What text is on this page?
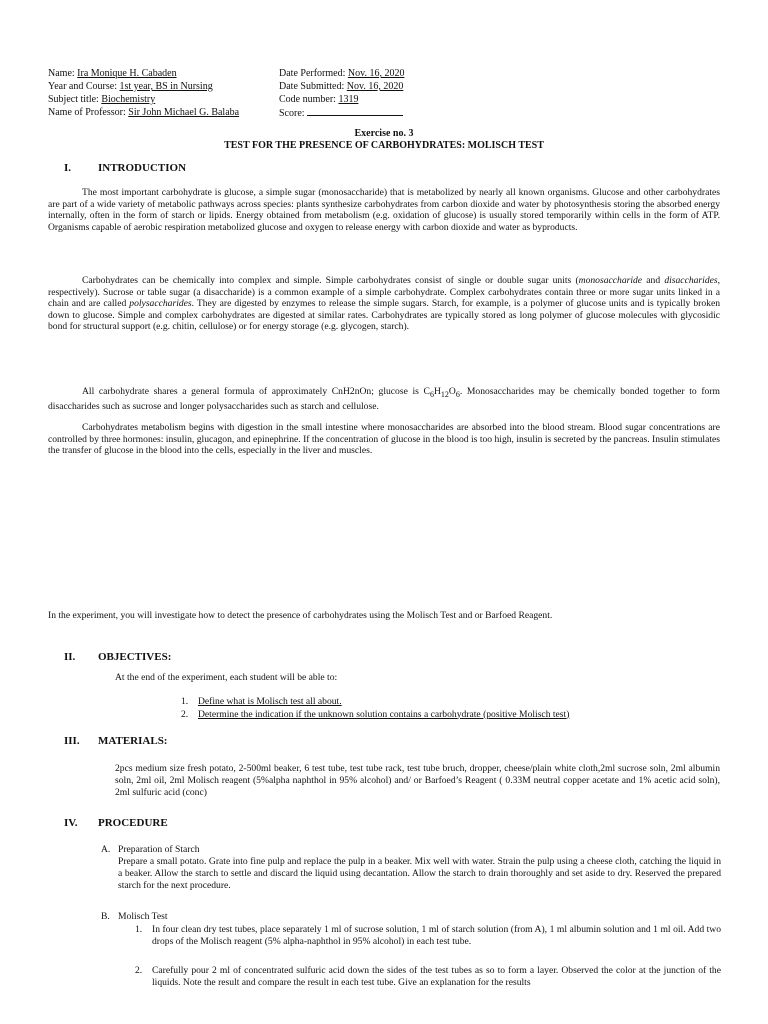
Name: Ira Monique H. Cabaden
Year and Course: 1st year, BS in Nursing
Subject title: Biochemistry
Name of Professor: Sir John Michael G. Balaba
Date Performed: Nov. 16, 2020
Date Submitted: Nov. 16, 2020
Code number: 1319
Score:
Exercise no. 3
TEST FOR THE PRESENCE OF CARBOHYDRATES: MOLISCH TEST
I. INTRODUCTION
The most important carbohydrate is glucose, a simple sugar (monosaccharide) that is metabolized by nearly all known organisms. Glucose and other carbohydrates are part of a wide variety of metabolic pathways across species: plants synthesize carbohydrates from carbon dioxide and water by photosynthesis storing the absorbed energy internally, often in the form of starch or lipids. Energy obtained from metabolism (e.g. oxidation of glucose) is usually stored temporarily within cells in the form of ATP. Organisms capable of aerobic respiration metabolized glucose and oxygen to release energy with carbon dioxide and water as byproducts.
Carbohydrates can be chemically into complex and simple. Simple carbohydrates consist of single or double sugar units (monosaccharide and disaccharides, respectively). Sucrose or table sugar (a disaccharide) is a common example of a simple carbohydrate. Complex carbohydrates contain three or more sugar units linked in a chain and are called polysaccharides. They are digested by enzymes to release the simple sugars. Starch, for example, is a polymer of glucose units and is typically broken down to glucose. Simple and complex carbohydrates are digested at similar rates. Carbohydrates are typically stored as long polymer of glucose molecules with glycosidic bond for structural support (e.g. chitin, cellulose) or for energy storage (e.g. glycogen, starch).
All carbohydrate shares a general formula of approximately CnH2nOn; glucose is $C_6H_{12}O_6$. Monosaccharides may be chemically bonded together to form disaccharides such as sucrose and longer polysaccharides such as starch and cellulose.
Carbohydrates metabolism begins with digestion in the small intestine where monosaccharides are absorbed into the blood stream. Blood sugar concentrations are controlled by three hormones: insulin, glucagon, and epinephrine. If the concentration of glucose in the blood is too high, insulin is secreted by the pancreas. Insulin stimulates the transfer of glucose in the blood into the cells, especially in the liver and muscles.
In the experiment, you will investigate how to detect the presence of carbohydrates using the Molisch Test and or Barfoed Reagent.
II. OBJECTIVES:
At the end of the experiment, each student will be able to:
1. Define what is Molisch test all about.
2. Determine the indication if the unknown solution contains a carbohydrate (positive Molisch test)
III. MATERIALS:
2pcs medium size fresh potato, 2-500ml beaker, 6 test tube, test tube rack, test tube bruch, dropper, cheese/plain white cloth,2ml sucrose soln, 2ml albumin soln, 2ml oil, 2ml Molisch reagent (5%alpha naphthol in 95% alcohol) and/ or Barfoed’s Reagent ( 0.33M neutral copper acetate and 1% acetic acid soln), 2ml sulfuric acid (conc)
IV. PROCEDURE
A. Preparation of Starch
Prepare a small potato. Grate into fine pulp and replace the pulp in a beaker. Mix well with water. Strain the pulp using a cheese cloth, catching the liquid in a beaker. Allow the starch to settle and discard the liquid using decantation. Allow the starch to drain thoroughly and set aside to dry. Reserved the prepared starch for the next procedure.
B. Molisch Test
1. In four clean dry test tubes, place separately 1 ml of sucrose solution, 1 ml of starch solution (from A), 1 ml albumin solution and 1 ml oil. Add two drops of the Molisch reagent (5% alpha-naphthol in 95% alcohol) in each test tube.
2. Carefully pour 2 ml of concentrated sulfuric acid down the sides of the test tubes as so to form a layer. Observed the color at the junction of the liquids. Note the result and compare the result in each test tube. Give an explanation for the results
